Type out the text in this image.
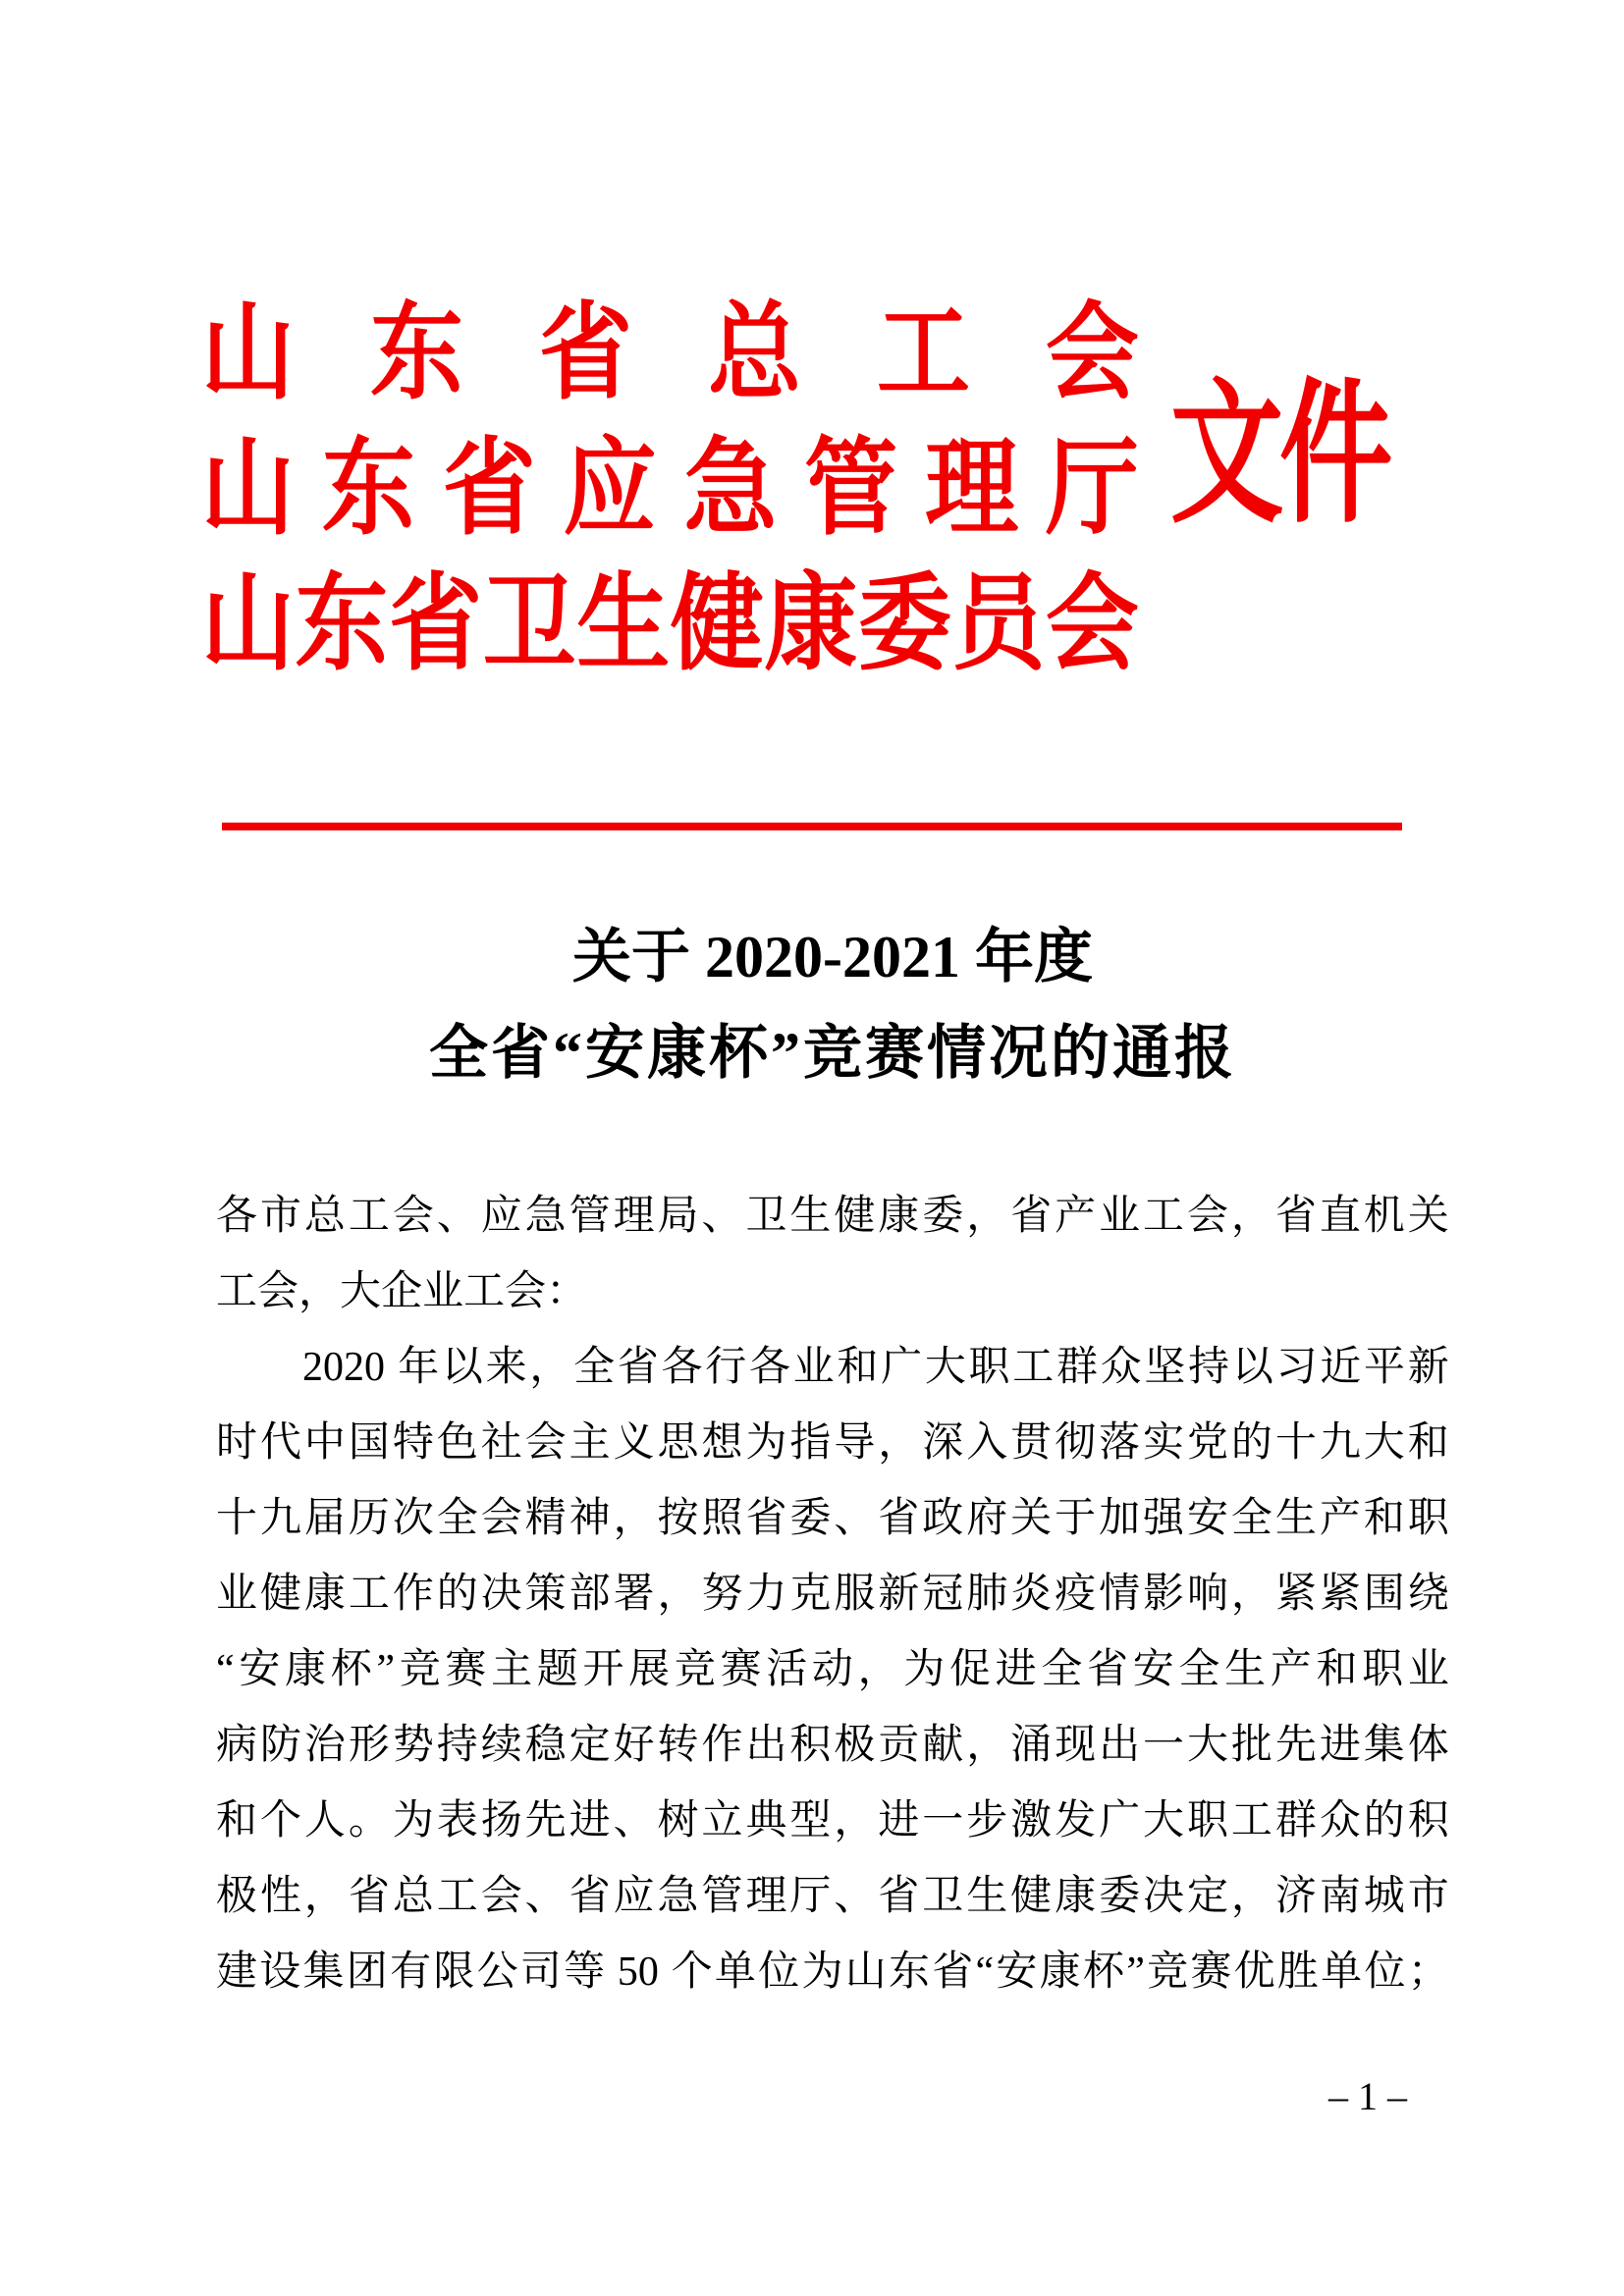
山 东 省 总 工 会
山 东 省 应 急 管 理 厅
山 东 省 卫 生 健 康 委 员 会
文件
关于 2020-2021 年度
全省“安康杯”竞赛情况的通报
各 市 总 工 会 、 应 急 管 理 局 、 卫 生 健 康 委 ， 省 产 业 工 会 ， 省 直 机 关
工 会 ， 大 企 业 工 会 ：
2020 年 以 来 ， 全 省 各 行 各 业 和 广 大 职 工 群 众 坚 持 以 习 近 平 新
时 代 中 国 特 色 社 会 主 义 思 想 为 指 导 ， 深 入 贯 彻 落 实 党 的 十 九 大 和
十 九 届 历 次 全 会 精 神 ， 按 照 省 委 、 省 政 府 关 于 加 强 安 全 生 产 和 职
业 健 康 工 作 的 决 策 部 署 ， 努 力 克 服 新 冠 肺 炎 疫 情 影 响 ， 紧 紧 围 绕
“ 安 康 杯 ” 竞 赛 主 题 开 展 竞 赛 活 动 ， 为 促 进 全 省 安 全 生 产 和 职 业
病 防 治 形 势 持 续 稳 定 好 转 作 出 积 极 贡 献 ， 涌 现 出 一 大 批 先 进 集 体
和 个 人 。 为 表 扬 先 进 、 树 立 典 型 ， 进 一 步 激 发 广 大 职 工 群 众 的 积
极 性 ， 省 总 工 会 、 省 应 急 管 理 厅 、 省 卫 生 健 康 委 决 定 ， 济 南 城 市
建 设 集 团 有 限 公 司 等 50 个 单 位 为 山 东 省 “ 安 康 杯 ” 竞 赛 优 胜 单 位 ；
– 1 –
